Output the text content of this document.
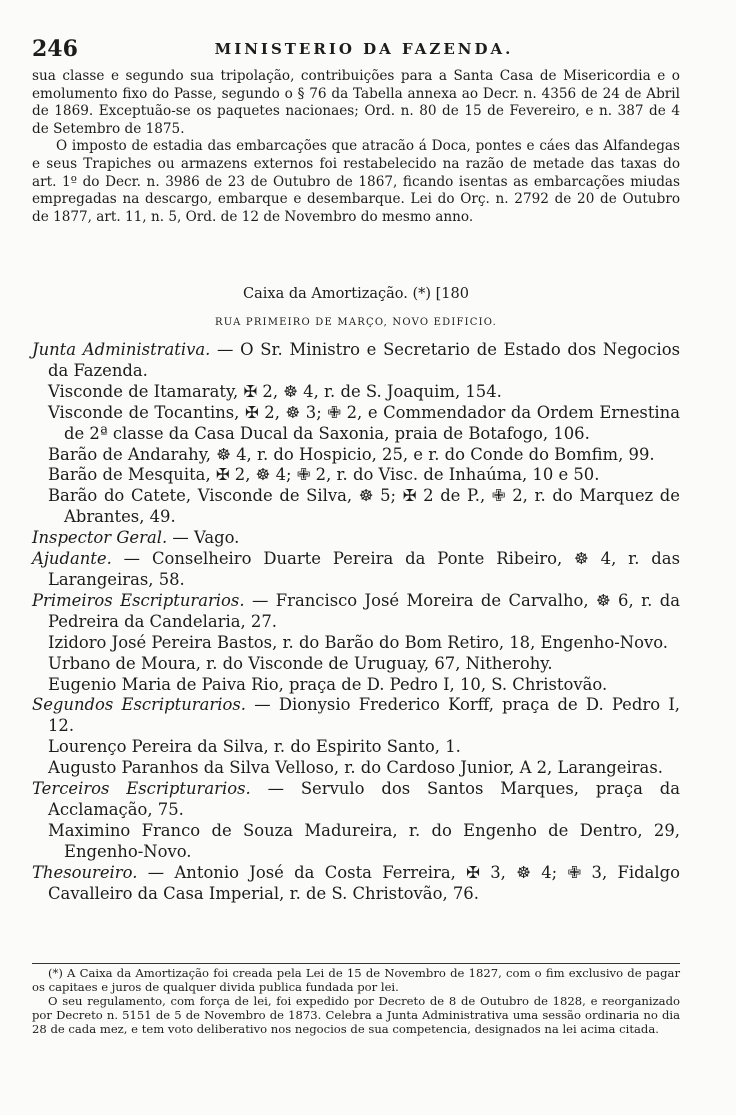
246	MINISTERIO DA FAZENDA.

sua classe e segundo sua tripolação, contribuições para a Santa Casa de Misericordia e o emolumento fixo do Passe, segundo o § 76 da Tabella annexa ao Decr. n. 4356 de 24 de Abril de 1869. Exceptuão-se os paquetes nacionaes; Ord. n. 80 de 15 de Fevereiro, e n. 387 de 4 de Setembro de 1875.

O imposto de estadia das embarcações que atracão á Doca, pontes e cáes das Alfandegas e seus Trapiches ou armazens externos foi restabelecido na razão de metade das taxas do art. 1º do Decr. n. 3986 de 23 de Outubro de 1867, ficando isentas as embarcações miudas empregadas na descargo, embarque e desembarque. Lei do Orç. n. 2792 de 20 de Outubro de 1877, art. 11, n. 5, Ord. de 12 de Novembro do mesmo anno.

Caixa da Amortização. (*) [180
RUA PRIMEIRO DE MARÇO, NOVO EDIFICIO.
Junta Administrativa. — O Sr. Ministro e Secretario de Estado dos Negocios da Fazenda.
Visconde de Itamaraty, ✠ 2, ☸ 4, r. de S. Joaquim, 154.
Visconde de Tocantins, ✠ 2, ☸ 3; ✙ 2, e Commendador da Ordem Ernestina de 2ª classe da Casa Ducal da Saxonia, praia de Botafogo, 106.
Barão de Andarahy, ☸ 4, r. do Hospicio, 25, e r. do Conde do Bomfim, 99.
Barão de Mesquita, ✠ 2, ☸ 4; ✙ 2, r. do Visc. de Inhaúma, 10 e 50.
Barão do Catete, Visconde de Silva, ☸ 5; ✠ 2 de P., ✙ 2, r. do Marquez de Abrantes, 49.
Inspector Geral. — Vago.
Ajudante. — Conselheiro Duarte Pereira da Ponte Ribeiro, ☸ 4, r. das Larangeiras, 58.
Primeiros Escripturarios. — Francisco José Moreira de Carvalho, ☸ 6, r. da Pedreira da Candelaria, 27.
Izidoro José Pereira Bastos, r. do Barão do Bom Retiro, 18, Engenho-Novo.
Urbano de Moura, r. do Visconde de Uruguay, 67, Nitherohy.
Eugenio Maria de Paiva Rio, praça de D. Pedro I, 10, S. Christovão.
Segundos Escripturarios. — Dionysio Frederico Korff, praça de D. Pedro I, 12.
Lourenço Pereira da Silva, r. do Espirito Santo, 1.
Augusto Paranhos da Silva Velloso, r. do Cardoso Junior, A 2, Larangeiras.
Terceiros Escripturarios. — Servulo dos Santos Marques, praça da Acclamação, 75.
Maximino Franco de Souza Madureira, r. do Engenho de Dentro, 29, Engenho-Novo.
Thesoureiro. — Antonio José da Costa Ferreira, ✠ 3, ☸ 4; ✙ 3, Fidalgo Cavalleiro da Casa Imperial, r. de S. Christovão, 76.

(*) A Caixa da Amortização foi creada pela Lei de 15 de Novembro de 1827, com o fim exclusivo de pagar os capitaes e juros de qualquer divida publica fundada por lei.

O seu regulamento, com força de lei, foi expedido por Decreto de 8 de Outubro de 1828, e reorganizado por Decreto n. 5151 de 5 de Novembro de 1873. Celebra a Junta Administrativa uma sessão ordinaria no dia 28 de cada mez, e tem voto deliberativo nos negocios de sua competencia, designados na lei acima citada.
